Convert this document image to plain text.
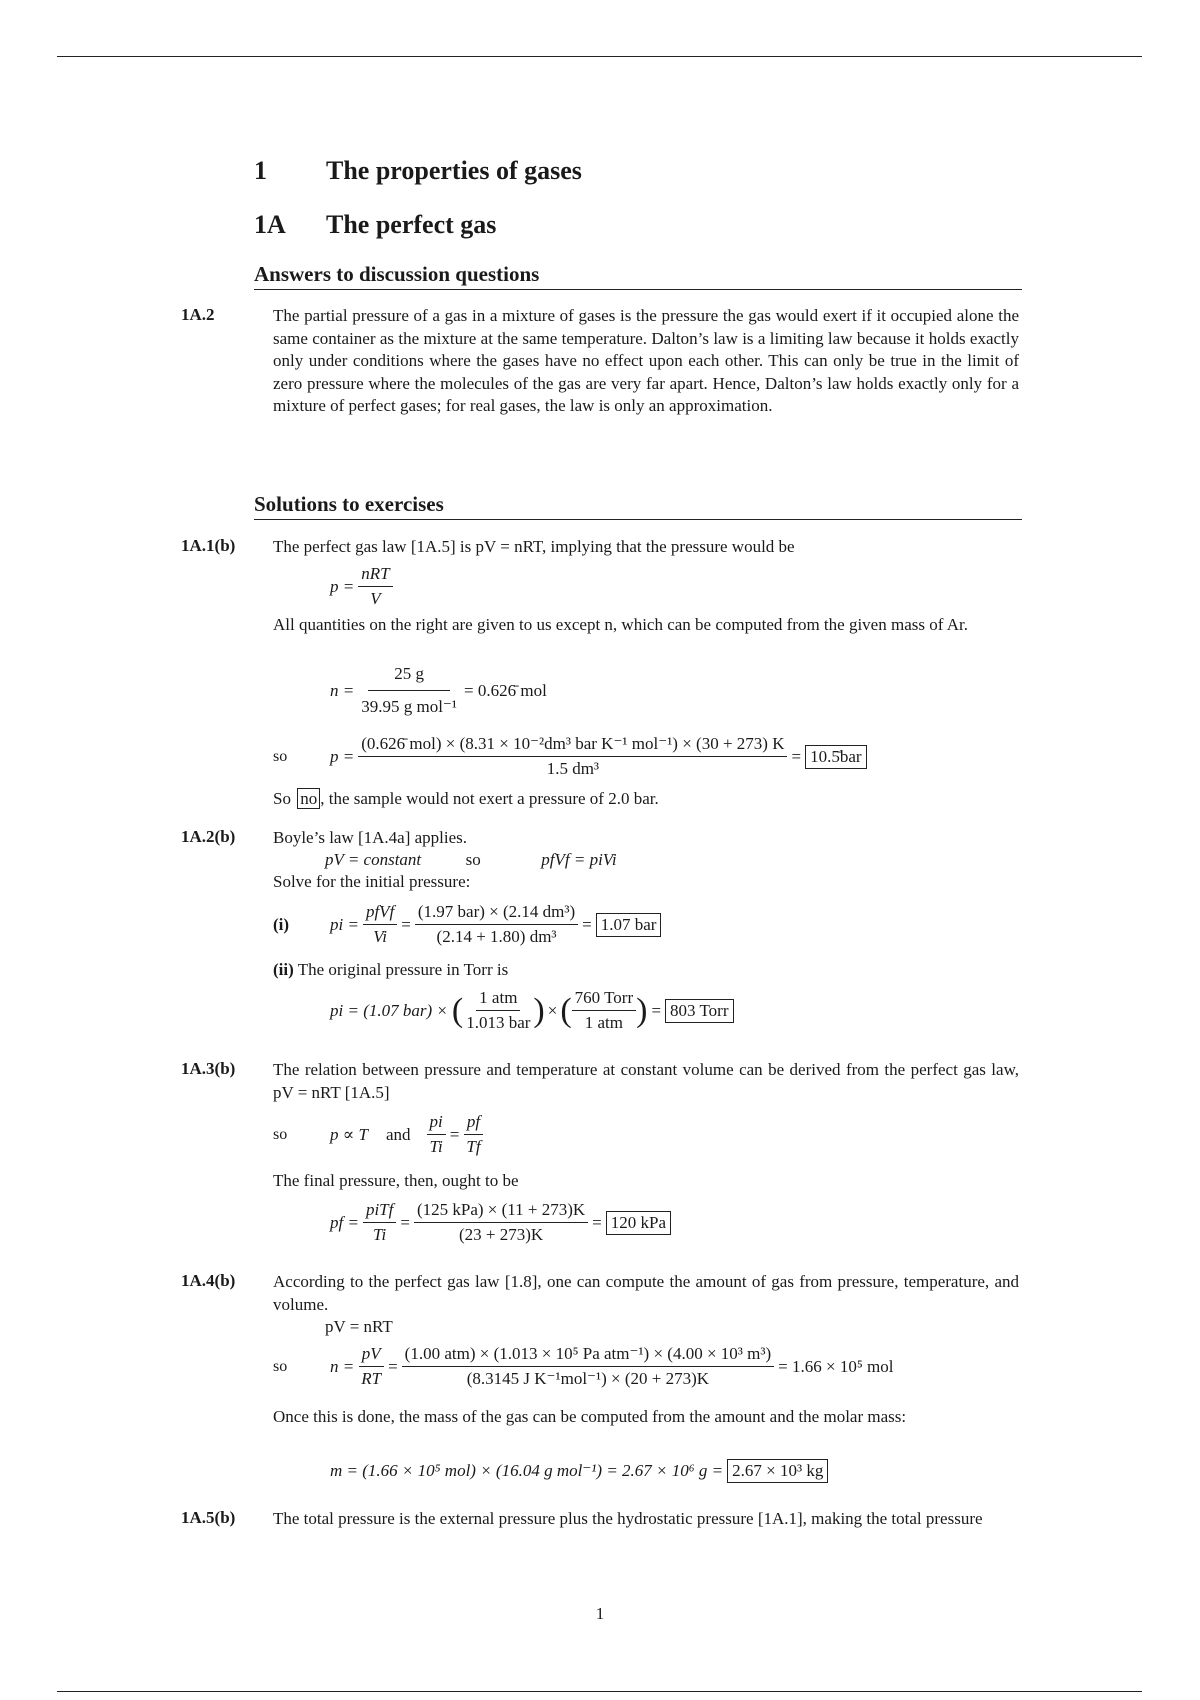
1 The properties of gases
1A The perfect gas
Answers to discussion questions
1A.2	The partial pressure of a gas in a mixture of gases is the pressure the gas would exert if it occupied alone the same container as the mixture at the same temperature. Dalton’s law is a limiting law because it holds exactly only under conditions where the gases have no effect upon each other. This can only be true in the limit of zero pressure where the molecules of the gas are very far apart. Hence, Dalton’s law holds exactly only for a mixture of perfect gases; for real gases, the law is only an approximation.
Solutions to exercises
1A.1(b) The perfect gas law [1A.5] is pV = nRT, implying that the pressure would be
$p = \frac{\text{nRT}}{V}$
All quantities on the right are given to us except n, which can be computed from the given mass of Ar.
$n = \frac{25 g}{\text{39.95 g mol⁻¹}}$ = 0.626̄ mol
so	$p = \frac{\text{(0.626̄ mol) × (8.31 × 10⁻²dm³ bar K⁻¹ mol⁻¹) × (30 + 273) K}}{\text{1.5 dm³}}$ = 10.5̄bar
So no , the sample would not exert a pressure of 2.0 bar.
1A.2(b) Boyle’s law [1A.4a] applies.
pV = constant	so	pfVf = piVi
Solve for the initial pressure:
(i)	pi = $\frac{\text{pfVf}}{Vi} = \frac{\text{(1.97 bar) × (2.14 dm³)}}{\text{(2.14 + 1.80) dm³}} = 1.07$ bar
(ii) The original pressure in Torr is
pi = (1.07 bar) × ( $\frac{\text{1 atm}}{\text{1.013 bar}}$ ) × ( $\frac{\text{760 Torr}}{\text{1 atm}}$ ) = 803 Torr
1A.3(b) The relation between pressure and temperature at constant volume can be derived from the perfect gas law, pV = nRT [1A.5]
so	p ∝ T and $\frac{pi}{Ti} = \frac{pf}{Tf}$
The final pressure, then, ought to be
pf = $\frac{\text{piTf}}{Ti} = \frac{\text{(125 kPa) × (11 + 273)K}}{(23 + 273)K} = 120$ kPa
1A.4(b) According to the perfect gas law [1.8], one can compute the amount of gas from pressure, temperature, and volume.
pV = nRT
so	$n = \frac{pV}{RT} = \frac{\text{(1.00 atm) × (1.013 × 10⁵ Pa atm⁻¹) × (4.00 × 10³ m³)}}{\text{(8.3145 J K⁻¹mol⁻¹) × (20 + 273)K}} = 1.66 \times 10^5$ mol
Once this is done, the mass of the gas can be computed from the amount and the molar mass:
m = (1.66 × 10⁵ mol) × (16.04 g mol⁻¹) = 2.67 × 10⁶ g = 2.67 × 10³ kg
1A.5(b) The total pressure is the external pressure plus the hydrostatic pressure [1A.1], making the total pressure
1
